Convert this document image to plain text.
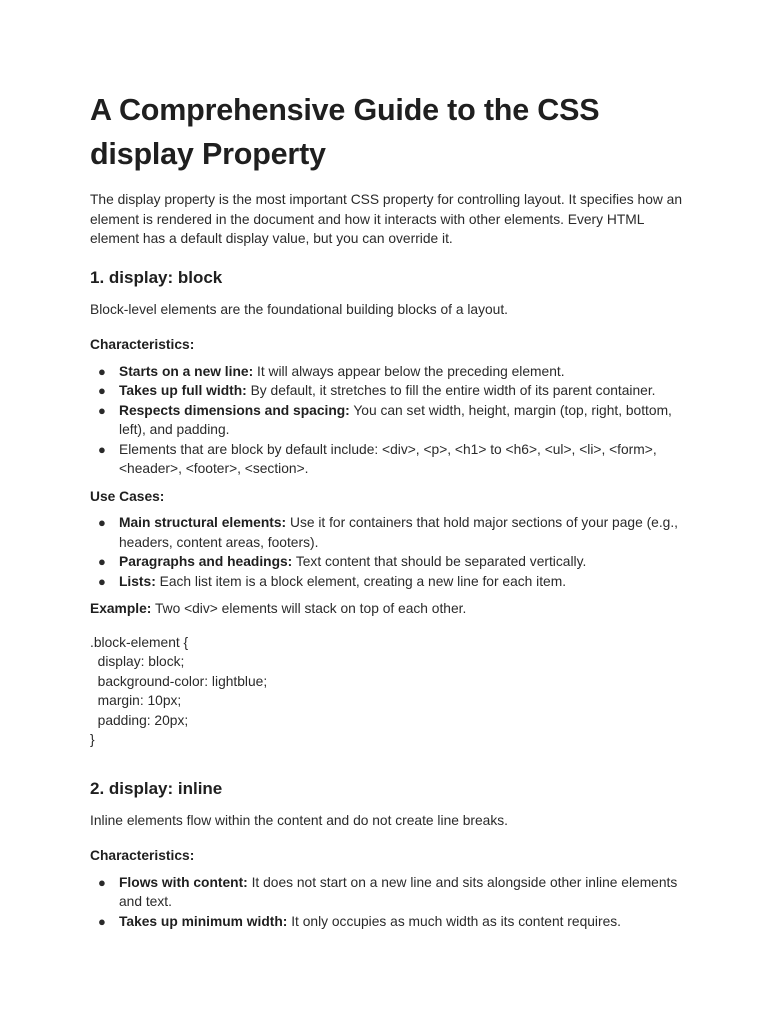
A Comprehensive Guide to the CSS display Property

The display property is the most important CSS property for controlling layout. It specifies how an element is rendered in the document and how it interacts with other elements. Every HTML element has a default display value, but you can override it.

1. display: block

Block-level elements are the foundational building blocks of a layout.

Characteristics:

● Starts on a new line: It will always appear below the preceding element.
● Takes up full width: By default, it stretches to fill the entire width of its parent container.
● Respects dimensions and spacing: You can set width, height, margin (top, right, bottom, left), and padding.
● Elements that are block by default include: <div>, <p>, <h1> to <h6>, <ul>, <li>, <form>, <header>, <footer>, <section>.

Use Cases:

● Main structural elements: Use it for containers that hold major sections of your page (e.g., headers, content areas, footers).
● Paragraphs and headings: Text content that should be separated vertically.
● Lists: Each list item is a block element, creating a new line for each item.

Example: Two <div> elements will stack on top of each other.

.block-element {
display: block;
background-color: lightblue;
margin: 10px;
padding: 20px;
}
2. display: inline

Inline elements flow within the content and do not create line breaks.

Characteristics:

● Flows with content: It does not start on a new line and sits alongside other inline elements and text.
● Takes up minimum width: It only occupies as much width as its content requires.
